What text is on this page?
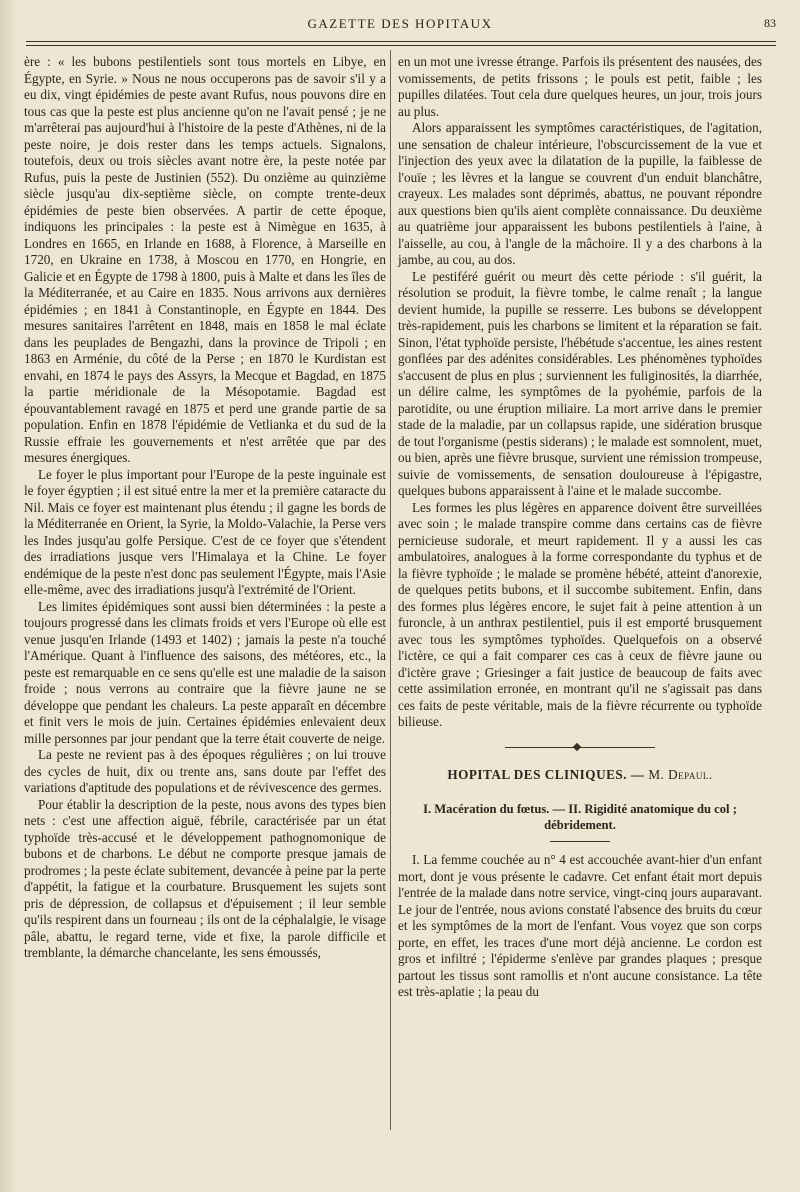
GAZETTE DES HOPITAUX	83

ère : « les bubons pestilentiels sont tous mortels en Libye, en Égypte, en Syrie. » Nous ne nous occuperons pas de savoir s'il y a eu dix, vingt épidémies de peste avant Rufus, nous pouvons dire en tous cas que la peste est plus ancienne qu'on ne l'avait pensé ; je ne m'arrêterai pas aujourd'hui à l'histoire de la peste d'Athènes, ni de la peste noire, je dois rester dans les temps actuels. Signalons, toutefois, deux ou trois siècles avant notre ère, la peste notée par Rufus, puis la peste de Justinien (552). Du onzième au quinzième siècle jusqu'au dix-septième siècle, on compte trente-deux épidémies de peste bien observées. A partir de cette époque, indiquons les principales : la peste est à Nimègue en 1635, à Londres en 1665, en Irlande en 1688, à Florence, à Marseille en 1720, en Ukraine en 1738, à Moscou en 1770, en Hongrie, en Galicie et en Égypte de 1798 à 1800, puis à Malte et dans les îles de la Méditerranée, et au Caire en 1835. Nous arrivons aux dernières épidémies ; en 1841 à Constantinople, en Égypte en 1844. Des mesures sanitaires l'arrêtent en 1848, mais en 1858 le mal éclate dans les peuplades de Bengazhi, dans la province de Tripoli ; en 1863 en Arménie, du côté de la Perse ; en 1870 le Kurdistan est envahi, en 1874 le pays des Assyrs, la Mecque et Bagdad, en 1875 la partie méridionale de la Mésopotamie. Bagdad est épouvantablement ravagé en 1875 et perd une grande partie de sa population. Enfin en 1878 l'épidémie de Vetlianka et du sud de la Russie effraie les gouvernements et n'est arrêtée que par des mesures énergiques.

Le foyer le plus important pour l'Europe de la peste inguinale est le foyer égyptien ; il est situé entre la mer et la première cataracte du Nil. Mais ce foyer est maintenant plus étendu ; il gagne les bords de la Méditerranée en Orient, la Syrie, la Moldo-Valachie, la Perse vers les Indes jusqu'au golfe Persique. C'est de ce foyer que s'étendent des irradiations jusque vers l'Himalaya et la Chine. Le foyer endémique de la peste n'est donc pas seulement l'Égypte, mais l'Asie elle-même, avec des irradiations jusqu'à l'extrémité de l'Orient.

Les limites épidémiques sont aussi bien déterminées : la peste a toujours progressé dans les climats froids et vers l'Europe où elle est venue jusqu'en Irlande (1493 et 1402) ; jamais la peste n'a touché l'Amérique. Quant à l'influence des saisons, des météores, etc., la peste est remarquable en ce sens qu'elle est une maladie de la saison froide ; nous verrons au contraire que la fièvre jaune ne se développe que pendant les chaleurs. La peste apparaît en décembre et finit vers le mois de juin. Certaines épidémies enlevaient deux mille personnes par jour pendant que la terre était couverte de neige.

La peste ne revient pas à des époques régulières ; on lui trouve des cycles de huit, dix ou trente ans, sans doute par l'effet des variations d'aptitude des populations et de révivescence des germes.

Pour établir la description de la peste, nous avons des types bien nets : c'est une affection aiguë, fébrile, caractérisée par un état typhoïde très-accusé et le développement pathognomonique de bubons et de charbons. Le début ne comporte presque jamais de prodromes ; la peste éclate subitement, devancée à peine par la perte d'appétit, la fatigue et la courbature. Brusquement les sujets sont pris de dépression, de collapsus et d'épuisement ; il leur semble qu'ils respirent dans un fourneau ; ils ont de la céphalalgie, le visage pâle, abattu, le regard terne, vide et fixe, la parole difficile et tremblante, la démarche chancelante, les sens émoussés,

en un mot une ivresse étrange. Parfois ils présentent des nausées, des vomissements, de petits frissons ; le pouls est petit, faible ; les pupilles dilatées. Tout cela dure quelques heures, un jour, trois jours au plus.

Alors apparaissent les symptômes caractéristiques, de l'agitation, une sensation de chaleur intérieure, l'obscurcissement de la vue et l'injection des yeux avec la dilatation de la pupille, la faiblesse de l'ouïe ; les lèvres et la langue se couvrent d'un enduit blanchâtre, crayeux. Les malades sont déprimés, abattus, ne pouvant répondre aux questions bien qu'ils aient complète connaissance. Du deuxième au quatrième jour apparaissent les bubons pestilentiels à l'aine, à l'aisselle, au cou, à l'angle de la mâchoire. Il y a des charbons à la jambe, au cou, au dos.

Le pestiféré guérit ou meurt dès cette période : s'il guérit, la résolution se produit, la fièvre tombe, le calme renaît ; la langue devient humide, la pupille se resserre. Les bubons se développent très-rapidement, puis les charbons se limitent et la réparation se fait. Sinon, l'état typhoïde persiste, l'hébétude s'accentue, les aines restent gonflées par des adénites considérables. Les phénomènes typhoïdes s'accusent de plus en plus ; surviennent les fuliginosités, la diarrhée, un délire calme, les symptômes de la pyohémie, parfois de la parotidite, ou une éruption miliaire. La mort arrive dans le premier stade de la maladie, par un collapsus rapide, une sidération brusque de tout l'organisme (pestis siderans) ; le malade est somnolent, muet, ou bien, après une fièvre brusque, survient une rémission trompeuse, suivie de vomissements, de sensation douloureuse à l'épigastre, quelques bubons apparaissent à l'aine et le malade succombe.

Les formes les plus légères en apparence doivent être surveillées avec soin ; le malade transpire comme dans certains cas de fièvre pernicieuse sudorale, et meurt rapidement. Il y a aussi les cas ambulatoires, analogues à la forme correspondante du typhus et de la fièvre typhoïde ; le malade se promène hébété, atteint d'anorexie, de quelques petits bubons, et il succombe subitement. Enfin, dans des formes plus légères encore, le sujet fait à peine attention à un furoncle, à un anthrax pestilentiel, puis il est emporté brusquement avec tous les symptômes typhoïdes. Quelquefois on a observé l'ictère, ce qui a fait comparer ces cas à ceux de fièvre jaune ou d'ictère grave ; Griesinger a fait justice de beaucoup de faits avec cette assimilation erronée, en montrant qu'il ne s'agissait pas dans ces faits de peste véritable, mais de la fièvre récurrente ou typhoïde bilieuse.

HOPITAL DES CLINIQUES. — M. Depaul.
I. Macération du fœtus. — II. Rigidité anatomique du col ; débridement.

I. La femme couchée au n° 4 est accouchée avant-hier d'un enfant mort, dont je vous présente le cadavre. Cet enfant était mort depuis l'entrée de la malade dans notre service, vingt-cinq jours auparavant. Le jour de l'entrée, nous avions constaté l'absence des bruits du cœur et les symptômes de la mort de l'enfant. Vous voyez que son corps porte, en effet, les traces d'une mort déjà ancienne. Le cordon est gros et infiltré ; l'épiderme s'enlève par grandes plaques ; presque partout les tissus sont ramollis et n'ont aucune consistance. La tête est très-aplatie ; la peau du
